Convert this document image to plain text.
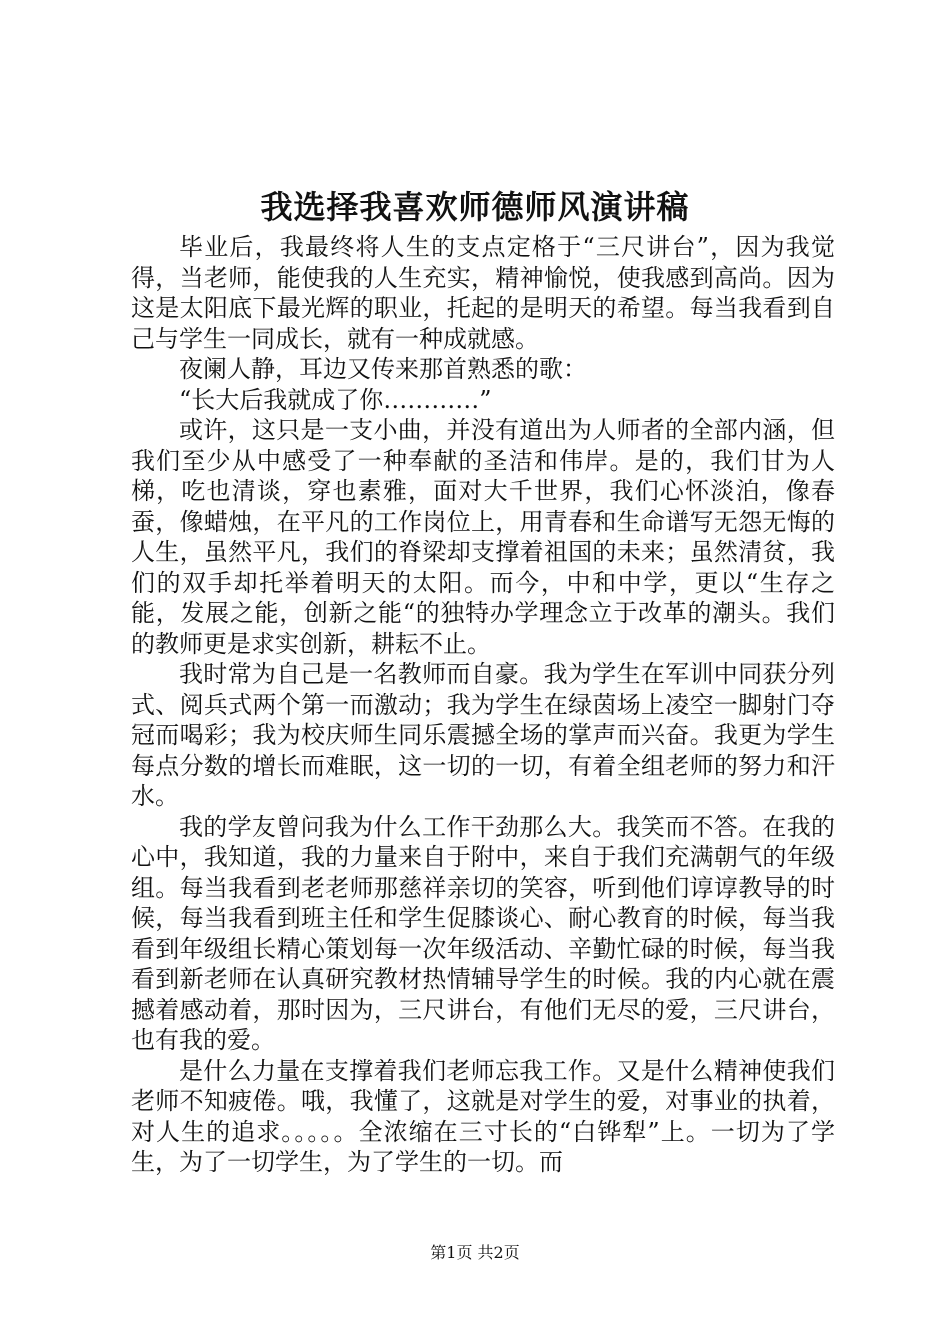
我选择我喜欢师德师风演讲稿

毕业后，我最终将人生的支点定格于“三尺讲台”，因为我觉得，当老师，能使我的人生充实，精神愉悦，使我感到高尚。因为这是太阳底下最光辉的职业，托起的是明天的希望。每当我看到自己与学生一同成长，就有一种成就感。

夜阑人静，耳边又传来那首熟悉的歌：

“长大后我就成了你…………”

或许，这只是一支小曲，并没有道出为人师者的全部内涵，但我们至少从中感受了一种奉献的圣洁和伟岸。是的，我们甘为人梯，吃也清谈，穿也素雅，面对大千世界，我们心怀淡泊，像春蚕，像蜡烛，在平凡的工作岗位上，用青春和生命谱写无怨无悔的人生，虽然平凡，我们的脊梁却支撑着祖国的未来；虽然清贫，我们的双手却托举着明天的太阳。而今，中和中学，更以“生存之能，发展之能，创新之能“的独特办学理念立于改革的潮头。我们的教师更是求实创新，耕耘不止。

我时常为自己是一名教师而自豪。我为学生在军训中同获分列式、阅兵式两个第一而激动；我为学生在绿茵场上凌空一脚射门夺冠而喝彩；我为校庆师生同乐震撼全场的掌声而兴奋。我更为学生每点分数的增长而难眠，这一切的一切，有着全组老师的努力和汗水。

我的学友曾问我为什么工作干劲那么大。我笑而不答。在我的心中，我知道，我的力量来自于附中，来自于我们充满朝气的年级组。每当我看到老老师那慈祥亲切的笑容，听到他们谆谆教导的时候，每当我看到班主任和学生促膝谈心、耐心教育的时候，每当我看到年级组长精心策划每一次年级活动、辛勤忙碌的时候，每当我看到新老师在认真研究教材热情辅导学生的时候。我的内心就在震撼着感动着，那时因为，三尺讲台，有他们无尽的爱，三尺讲台，也有我的爱。

是什么力量在支撑着我们老师忘我工作。又是什么精神使我们老师不知疲倦。哦，我懂了，这就是对学生的爱，对事业的执着，对人生的追求。。。。。全浓缩在三寸长的“白铧犁”上。一切为了学生，为了一切学生，为了学生的一切。而

第1页 共2页
